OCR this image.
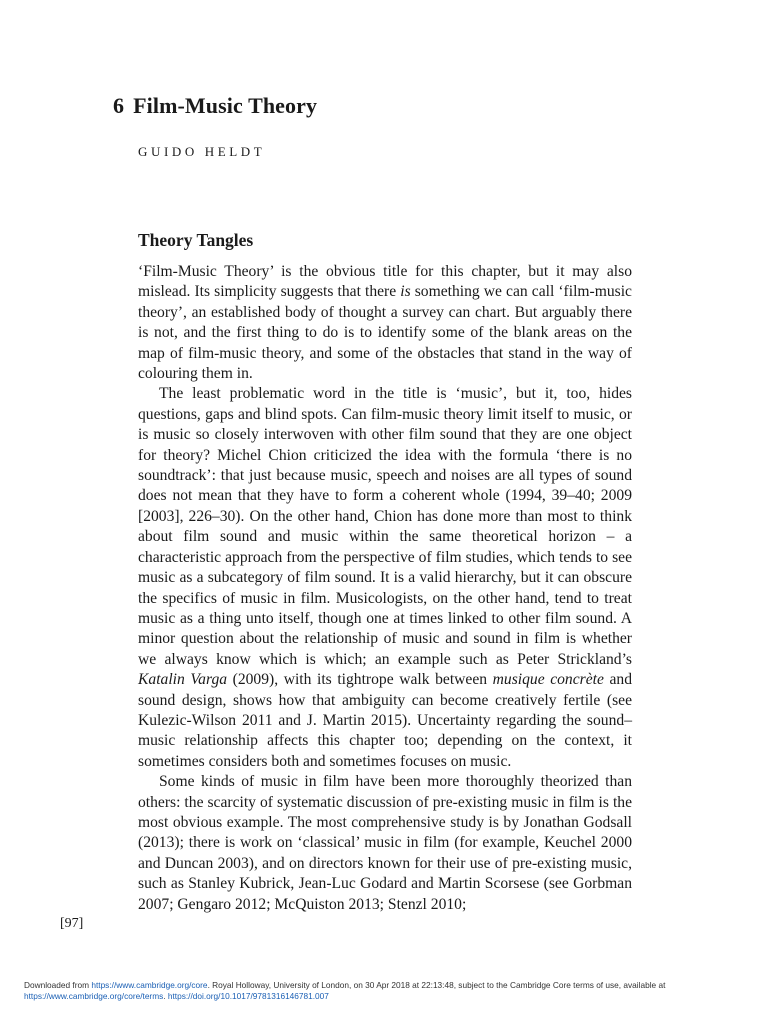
6 Film-Music Theory
GUIDO HELDT
Theory Tangles

‘Film-Music Theory’ is the obvious title for this chapter, but it may also mislead. Its simplicity suggests that there is something we can call ‘film-music theory’, an established body of thought a survey can chart. But arguably there is not, and the first thing to do is to identify some of the blank areas on the map of film-music theory, and some of the obstacles that stand in the way of colouring them in.

The least problematic word in the title is ‘music’, but it, too, hides questions, gaps and blind spots. Can film-music theory limit itself to music, or is music so closely interwoven with other film sound that they are one object for theory? Michel Chion criticized the idea with the formula ‘there is no soundtrack’: that just because music, speech and noises are all types of sound does not mean that they have to form a coherent whole (1994, 39–40; 2009 [2003], 226–30). On the other hand, Chion has done more than most to think about film sound and music within the same theoretical horizon – a characteristic approach from the perspective of film studies, which tends to see music as a subcategory of film sound. It is a valid hierarchy, but it can obscure the specifics of music in film. Musicologists, on the other hand, tend to treat music as a thing unto itself, though one at times linked to other film sound. A minor question about the relationship of music and sound in film is whether we always know which is which; an example such as Peter Strickland’s Katalin Varga (2009), with its tightrope walk between musique concrète and sound design, shows how that ambiguity can become creatively fertile (see Kulezic-Wilson 2011 and J. Martin 2015). Uncertainty regarding the sound–music relationship affects this chapter too; depending on the context, it sometimes considers both and sometimes focuses on music.

Some kinds of music in film have been more thoroughly theorized than others: the scarcity of systematic discussion of pre-existing music in film is the most obvious example. The most comprehensive study is by Jonathan Godsall (2013); there is work on ‘classical’ music in film (for example, Keuchel 2000 and Duncan 2003), and on directors known for their use of pre-existing music, such as Stanley Kubrick, Jean-Luc Godard and Martin Scorsese (see Gorbman 2007; Gengaro 2012; McQuiston 2013; Stenzl 2010;

[97]
Downloaded from https://www.cambridge.org/core. Royal Holloway, University of London, on 30 Apr 2018 at 22:13:48, subject to the Cambridge Core terms of use, available at https://www.cambridge.org/core/terms. https://doi.org/10.1017/9781316146781.007
